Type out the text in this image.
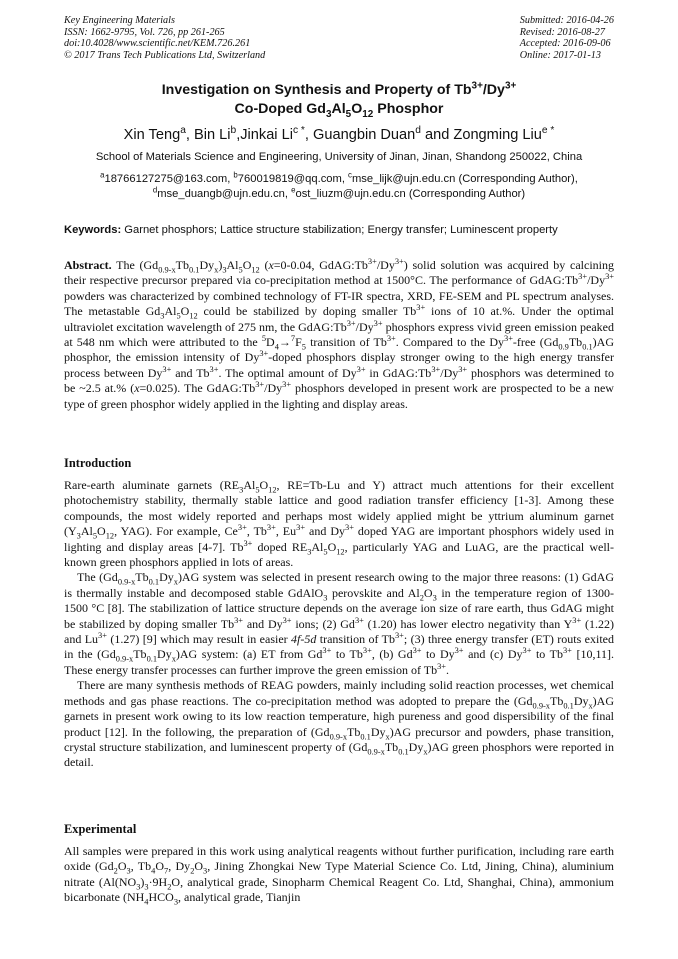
Key Engineering Materials
ISSN: 1662-9795, Vol. 726, pp 261-265
doi:10.4028/www.scientific.net/KEM.726.261
© 2017 Trans Tech Publications Ltd, Switzerland
Submitted: 2016-04-26
Revised: 2016-08-27
Accepted: 2016-09-06
Online: 2017-01-13
Investigation on Synthesis and Property of $Tb^{3+}/Dy^{3+}$
Co-Doped $Gd_3Al_5O_{12}$ Phosphor
Xin Teng$^a$, Bin Li$^b$,Jinkai $Li^{c *}$, Guangbin Duan$^d$ and Zongming Liu$^{e *}$
School of Materials Science and Engineering, University of Jinan, Jinan, Shandong 250022, China
$^a$18766127275@163.com, $^b$760019819@qq.com, $^c$mse_lijk@ujn.edu.cn (Corresponding Author),
$^d$mse_duangb@ujn.edu.cn, $^e$ost_liuzm@ujn.edu.cn (Corresponding Author)
Keywords: Garnet phosphors; Lattice structure stabilization; Energy transfer; Luminescent property

Abstract. The $(Gd_{0.9-x}Tb_{0.1}Dy_x)_3Al_5O_{12}$ (x=0-0.04, $GdAG:Tb^{3+}/Dy^{3+}$) solid solution was acquired by calcining their respective precursor prepared via co-precipitation method at 1500°C. The performance of $GdAG:Tb^{3+}/Dy^{3+}$ powders was characterized by combined technology of FT-IR spectra, XRD, FE-SEM and PL spectrum analyses. The metastable $Gd_3Al_5O_{12}$ could be stabilized by doping smaller $Tb^{3+}$ ions of 10 at.%. Under the optimal ultraviolet excitation wavelength of 275 nm, the $GdAG:Tb^{3+}/Dy^{3+}$ phosphors express vivid green emission peaked at 548 nm which were attributed to the $^5D_4\to^7F_5$ transition of $Tb^{3+}$. Compared to the $Dy^{3+}$-free $(Gd_{0.9}Tb_{0.1})AG$ phosphor, the emission intensity of $Dy^{3+}$-doped phosphors display stronger owing to the high energy transfer process between $Dy^{3+}$ and $Tb^{3+}$. The optimal amount of $Dy^{3+}$ in $GdAG:Tb^{3+}/Dy^{3+}$ phosphors was determined to be ~2.5 at.% (x=0.025). The $GdAG:Tb^{3+}/Dy^{3+}$ phosphors developed in present work are prospected to be a new type of green phosphor widely applied in the lighting and display areas.

Introduction

Rare-earth aluminate garnets ($RE_3Al_5O_{12}$, RE=Tb-Lu and Y) attract much attentions for their excellent photochemistry stability, thermally stable lattice and good radiation transfer efficiency [1-3]. Among these compounds, the most widely reported and perhaps most widely applied might be yttrium aluminum garnet ($Y_3Al_5O_{12}$, YAG). For example, $Ce^{3+}$, $Tb^{3+}$, $Eu^{3+}$ and $Dy^{3+}$ doped YAG are important phosphors widely used in lighting and display areas [4-7]. $Tb^{3+}$ doped $RE_3Al_5O_{12}$, particularly YAG and LuAG, are the practical well-known green phosphors applied in lots of areas.

The $(Gd_{0.9-x}Tb_{0.1}Dy_x)AG$ system was selected in present research owing to the major three reasons: (1) GdAG is thermally instable and decomposed stable GdAlO$_3$ perovskite and $Al_2O_3$ in the temperature region of 1300-1500 °C [8]. The stabilization of lattice structure depends on the average ion size of rare earth, thus GdAG might be stabilized by doping smaller $Tb^{3+}$ and $Dy^{3+}$ ions; (2) $Gd^{3+}$ (1.20) has lower electro negativity than $Y^{3+}$ (1.22) and $Lu^{3+}$ (1.27) [9] which may result in easier 4f-5d transition of $Tb^{3+}$; (3) three energy transfer (ET) routs exited in the $(Gd_{0.9-x}Tb_{0.1}Dy_x)AG$ system: (a) ET from $Gd^{3+}$ to $Tb^{3+}$, (b) $Gd^{3+}$ to $Dy^{3+}$ and (c) $Dy^{3+}$ to $Tb^{3+}$ [10,11]. These energy transfer processes can further improve the green emission of $Tb^{3+}$.

There are many synthesis methods of REAG powders, mainly including solid reaction processes, wet chemical methods and gas phase reactions. The co-precipitation method was adopted to prepare the $(Gd_{0.9-x}Tb_{0.1}Dy_x)AG$ garnets in present work owing to its low reaction temperature, high pureness and good dispersibility of the final product [12]. In the following, the preparation of $(Gd_{0.9-x}Tb_{0.1}Dy_x)AG$ precursor and powders, phase transition, crystal structure stabilization, and luminescent property of $(Gd_{0.9-x}Tb_{0.1}Dy_x)AG$ green phosphors were reported in detail.

Experimental

All samples were prepared in this work using analytical reagents without further purification, including rare earth oxide ($Gd_2O_3$, $Tb_4O_7$, $Dy_2O_3$, Jining Zhongkai New Type Material Science Co. Ltd, Jining, China), aluminium nitrate ($Al(NO_3)_3\cdot 9H_2O$, analytical grade, Sinopharm Chemical Reagent Co. Ltd, Shanghai, China), ammonium bicarbonate ($NH_4HCO_3$, analytical grade, Tianjin
